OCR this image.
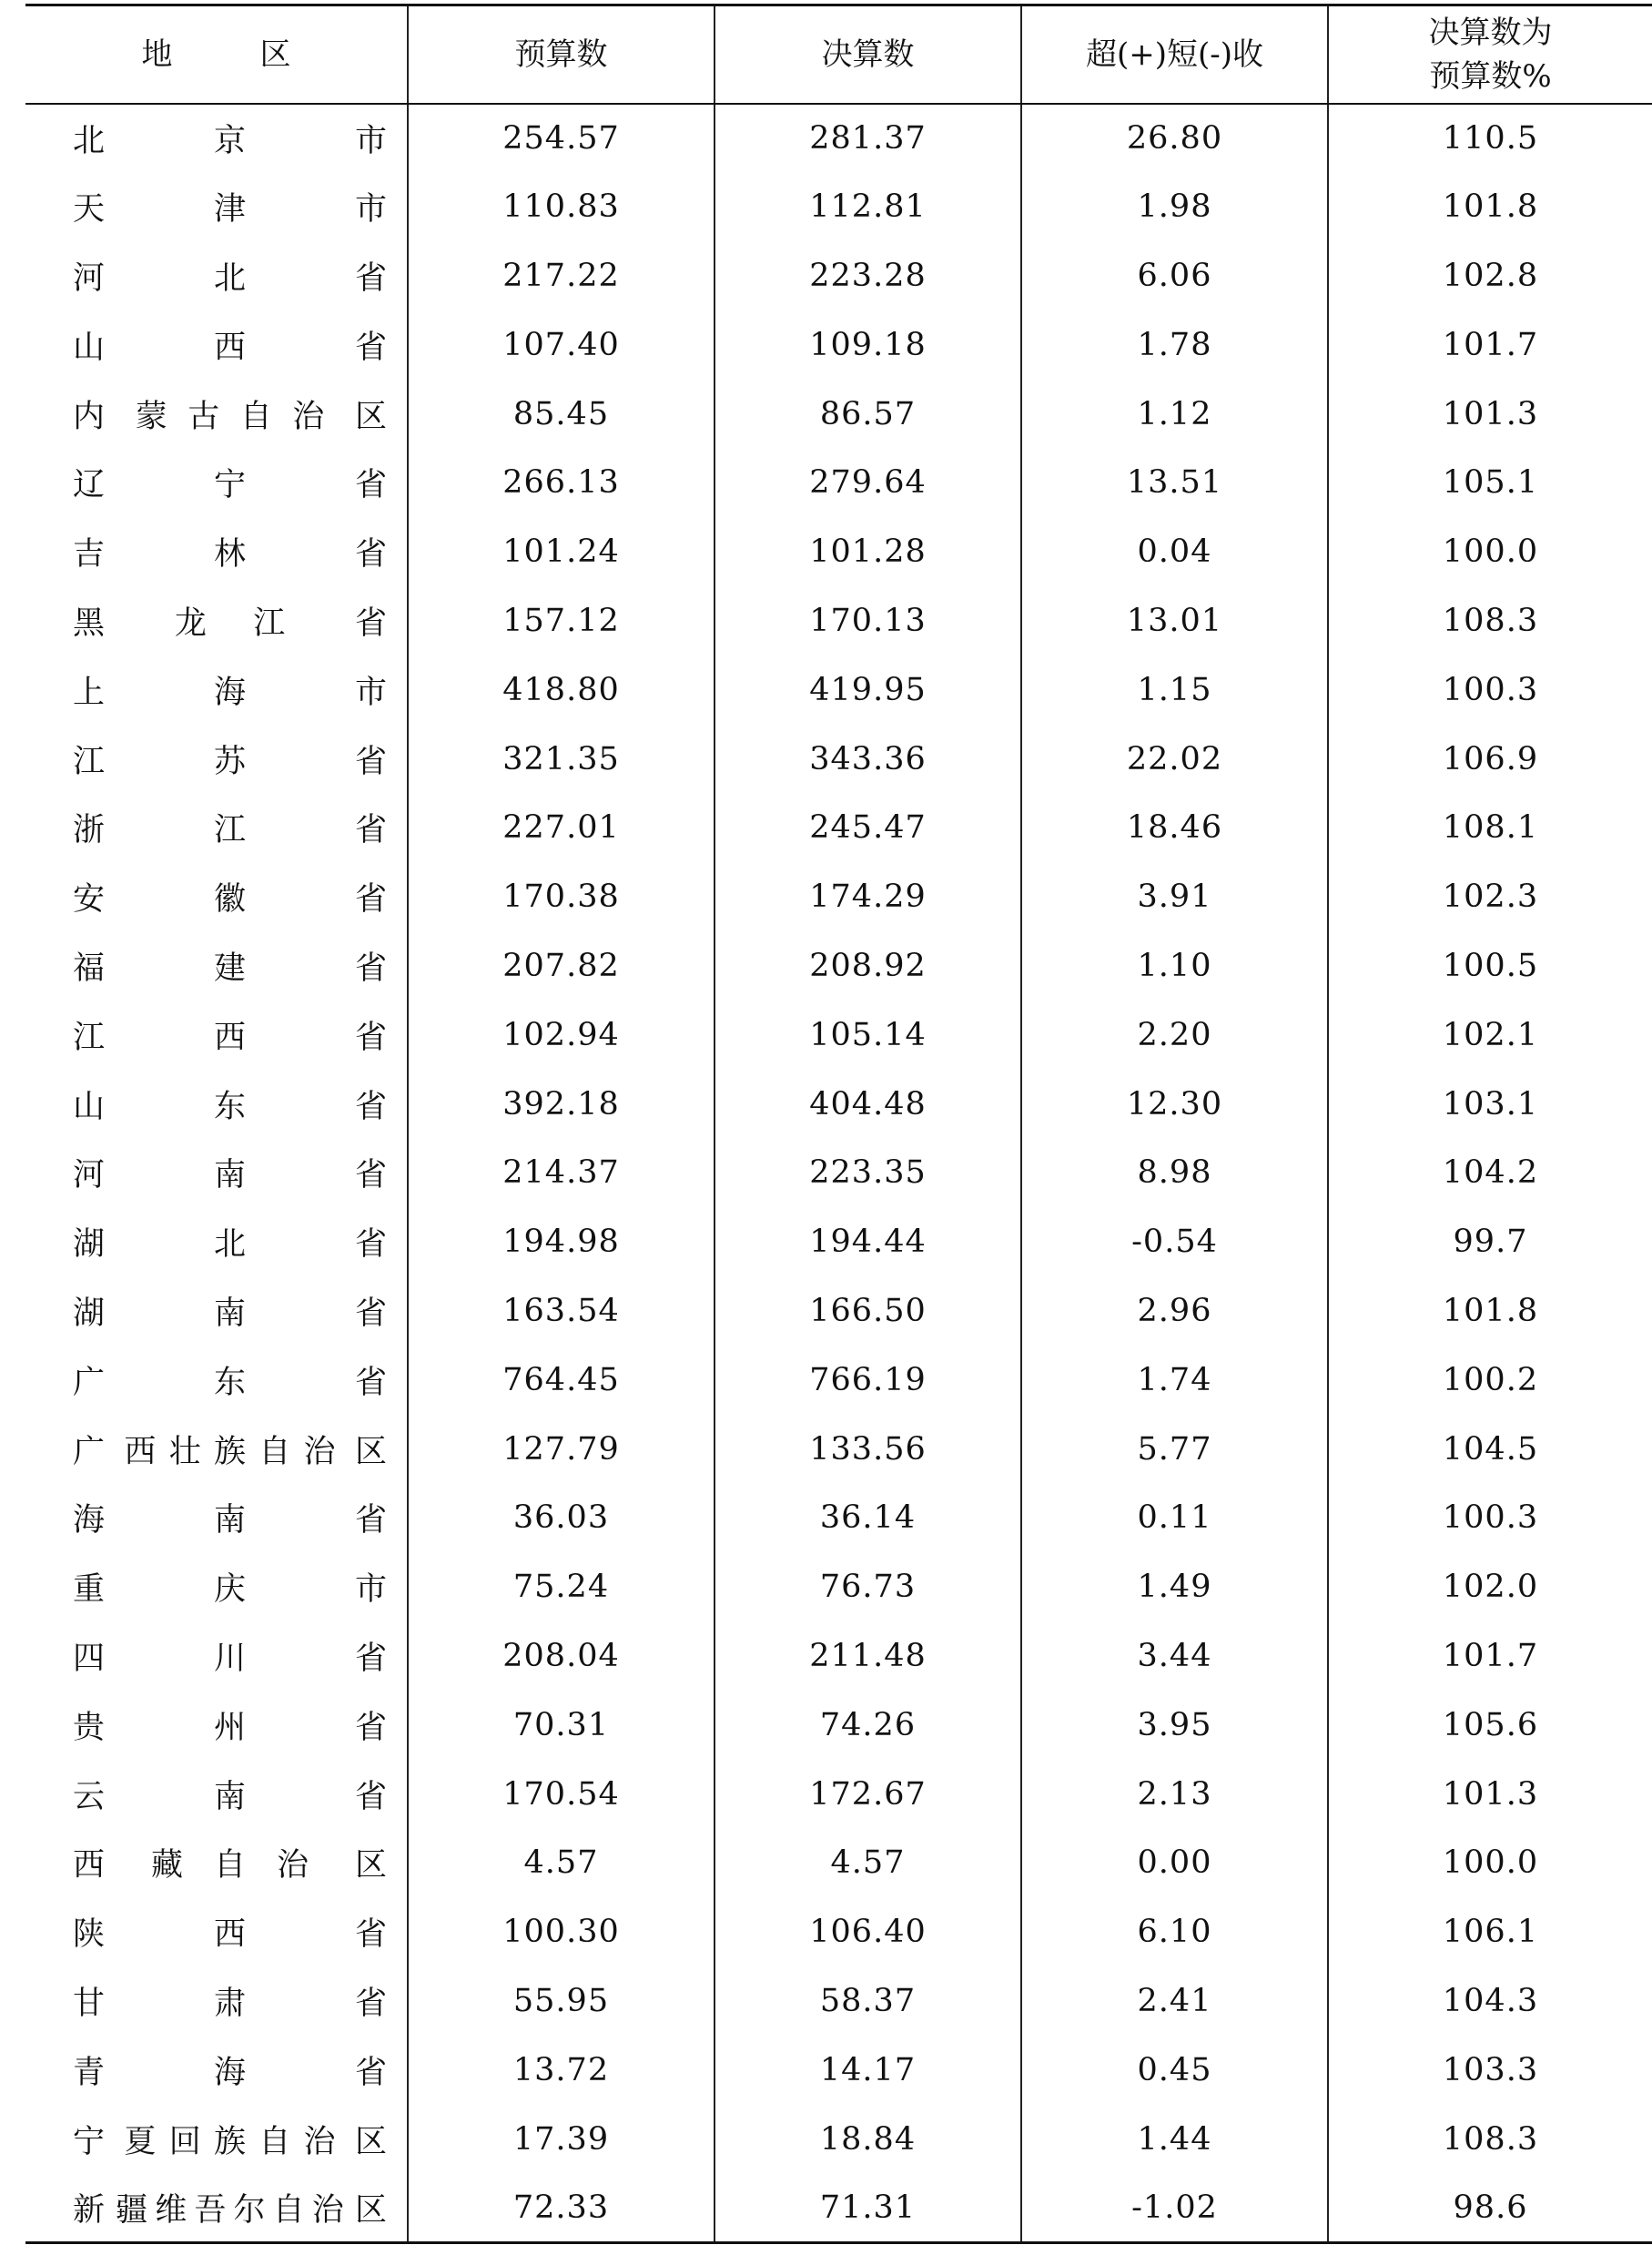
地 区	预算数	决算数	超(+)短(-)收	决算数为
预算数%

北 京 市	254.57	281.37	26.80	110.5

天 津 市	110.83	112.81	1.98	101.8

河 北 省	217.22	223.28	6.06	102.8

山 西 省	107.40	109.18	1.78	101.7

内 蒙 古 自 治 区	85.45	86.57	1.12	101.3

辽 宁 省	266.13	279.64	13.51	105.1

吉 林 省	101.24	101.28	0.04	100.0

黑 龙 江 省	157.12	170.13	13.01	108.3

上 海 市	418.80	419.95	1.15	100.3

江 苏 省	321.35	343.36	22.02	106.9

浙 江 省	227.01	245.47	18.46	108.1

安 徽 省	170.38	174.29	3.91	102.3

福 建 省	207.82	208.92	1.10	100.5

江 西 省	102.94	105.14	2.20	102.1

山 东 省	392.18	404.48	12.30	103.1

河 南 省	214.37	223.35	8.98	104.2

湖 北 省	194.98	194.44	-0.54	99.7

湖 南 省	163.54	166.50	2.96	101.8

广 东 省	764.45	766.19	1.74	100.2

广 西 壮 族 自 治 区	127.79	133.56	5.77	104.5

海 南 省	36.03	36.14	0.11	100.3

重 庆 市	75.24	76.73	1.49	102.0

四 川 省	208.04	211.48	3.44	101.7

贵 州 省	70.31	74.26	3.95	105.6

云 南 省	170.54	172.67	2.13	101.3

西 藏 自 治 区	4.57	4.57	0.00	100.0

陕 西 省	100.30	106.40	6.10	106.1

甘 肃 省	55.95	58.37	2.41	104.3

青 海 省	13.72	14.17	0.45	103.3

宁 夏 回 族 自 治 区	17.39	18.84	1.44	108.3

新 疆 维 吾 尔 自 治 区	72.33	71.31	-1.02	98.6
